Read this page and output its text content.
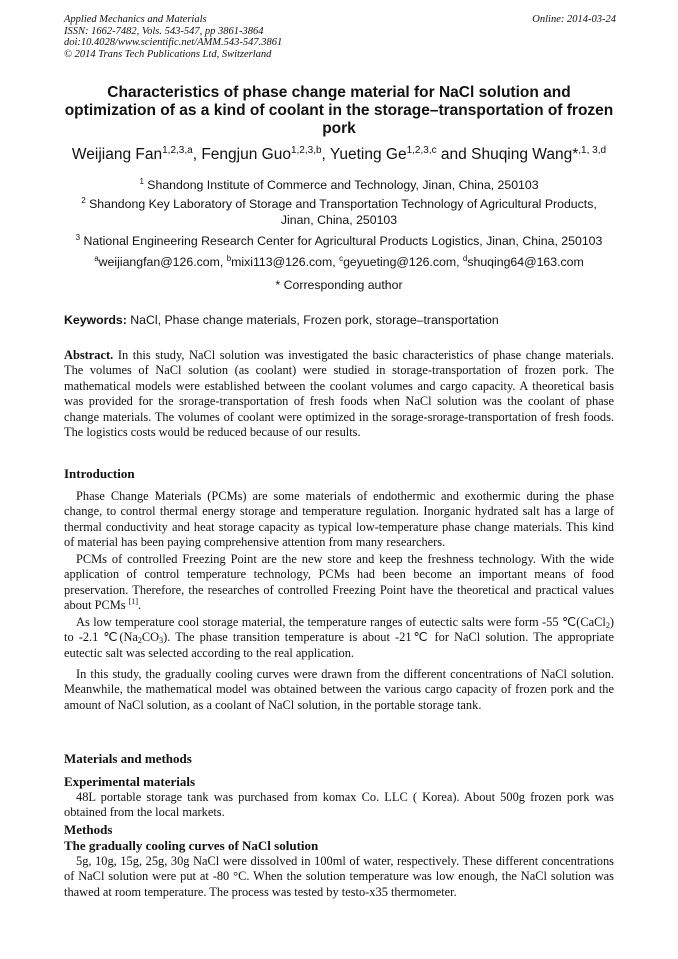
Applied Mechanics and Materials
ISSN: 1662-7482, Vols. 543-547, pp 3861-3864
doi:10.4028/www.scientific.net/AMM.543-547.3861
© 2014 Trans Tech Publications Ltd, Switzerland
Online: 2014-03-24
Characteristics of phase change material for NaCl solution and optimization of as a kind of coolant in the storage–transportation of frozen pork
Weijiang Fan$^{1,2,3,a}$, Fengjun Guo$^{1,2,3,b}$, Yueting Ge$^{1,2,3,c}$ and Shuqing Wang*$^{,1, 3,d}$
$^1$ Shandong Institute of Commerce and Technology, Jinan, China, 250103
$^2$ Shandong Key Laboratory of Storage and Transportation Technology of Agricultural Products, Jinan, China, 250103
$^3$ National Engineering Research Center for Agricultural Products Logistics, Jinan, China, 250103
$^a$weijiangfan@126.com, $^b$mixi113@126.com, $^c$geyueting@126.com, $^d$shuqing64@163.com
* Corresponding author
Keywords: NaCl, Phase change materials, Frozen pork, storage–transportation
Abstract. In this study, NaCl solution was investigated the basic characteristics of phase change materials. The volumes of NaCl solution (as coolant) were studied in storage-transportation of frozen pork. The mathematical models were established between the coolant volumes and cargo capacity. A theoretical basis was provided for the srorage-transportation of fresh foods when NaCl solution was the coolant of phase change materials. The volumes of coolant were optimized in the sorage-srorage-transportation of fresh foods. The logistics costs would be reduced because of our results.
Introduction
Phase Change Materials (PCMs) are some materials of endothermic and exothermic during the phase change, to control thermal energy storage and temperature regulation. Inorganic hydrated salt has a large of thermal conductivity and heat storage capacity as typical low-temperature phase change materials. This kind of material has been paying comprehensive attention from many researchers.
PCMs of controlled Freezing Point are the new store and keep the freshness technology. With the wide application of control temperature technology, PCMs had been become an important means of food preservation. Therefore, the researches of controlled Freezing Point have the theoretical and practical values about PCMs [1].
As low temperature cool storage material, the temperature ranges of eutectic salts were form -55 ℃(CaCl$_2$) to -2.1 $℃(Na_2CO_3)$. The phase transition temperature is about -21℃ for NaCl solution. The appropriate eutectic salt was selected according to the real application.
In this study, the gradually cooling curves were drawn from the different concentrations of NaCl solution. Meanwhile, the mathematical model was obtained between the various cargo capacity of frozen pork and the amount of NaCl solution, as a coolant of NaCl solution, in the portable storage tank.
Materials and methods
Experimental materials
48L portable storage tank was purchased from komax Co. LLC ( Korea). About 500g frozen pork was obtained from the local markets.
Methods
The gradually cooling curves of NaCl solution
5g, 10g, 15g, 25g, 30g NaCl were dissolved in 100ml of water, respectively. These different concentrations of NaCl solution were put at -80 °C. When the solution temperature was low enough, the NaCl solution was thawed at room temperature. The process was tested by testo-x35 thermometer.
